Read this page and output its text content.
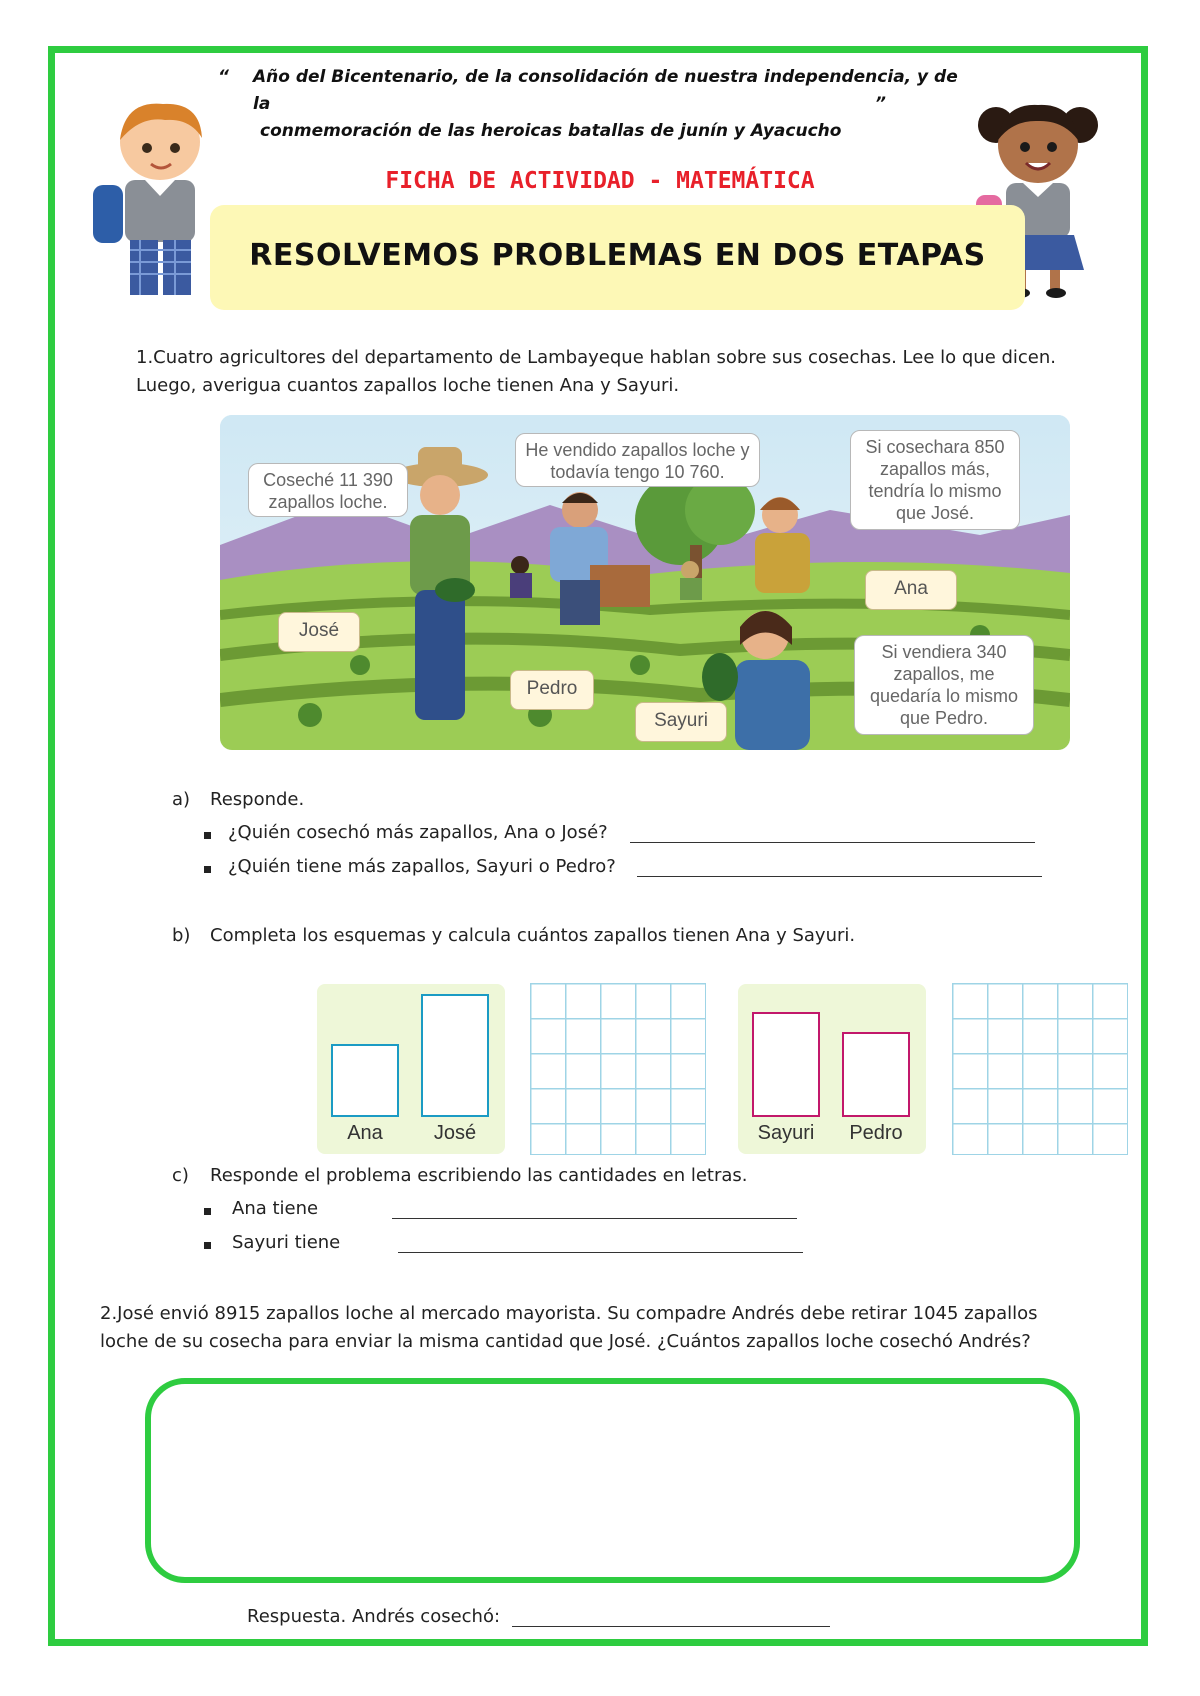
“	Año del Bicentenario, de la consolidación de nuestra independencia, y de la
conmemoración de las heroicas batallas de junín y Ayacucho
”
FICHA DE ACTIVIDAD - MATEMÁTICA
RESOLVEMOS PROBLEMAS EN DOS ETAPAS
1.Cuatro agricultores del departamento de Lambayeque hablan sobre sus cosechas. Lee lo que dicen.
Luego, averigua cuantos zapallos loche tienen Ana y Sayuri.
Coseché 11 390 zapallos loche.
He vendido zapallos loche y todavía tengo 10 760.
Si cosechara 850 zapallos más, tendría lo mismo que José.
Si vendiera 340 zapallos, me quedaría lo mismo que Pedro.
José
Pedro
Ana
Sayuri
a) Responde.
¿Quién cosechó más zapallos, Ana o José?
¿Quién tiene más zapallos, Sayuri o Pedro?
b) Completa los esquemas y calcula cuántos zapallos tienen Ana y Sayuri.
Ana	José	Sayuri	Pedro
c) Responde el problema escribiendo las cantidades en letras.
Ana tiene
Sayuri tiene
2.José envió 8915 zapallos loche al mercado mayorista. Su compadre Andrés debe retirar 1045 zapallos
loche de su cosecha para enviar la misma cantidad que José. ¿Cuántos zapallos loche cosechó Andrés?
Respuesta. Andrés cosechó:
